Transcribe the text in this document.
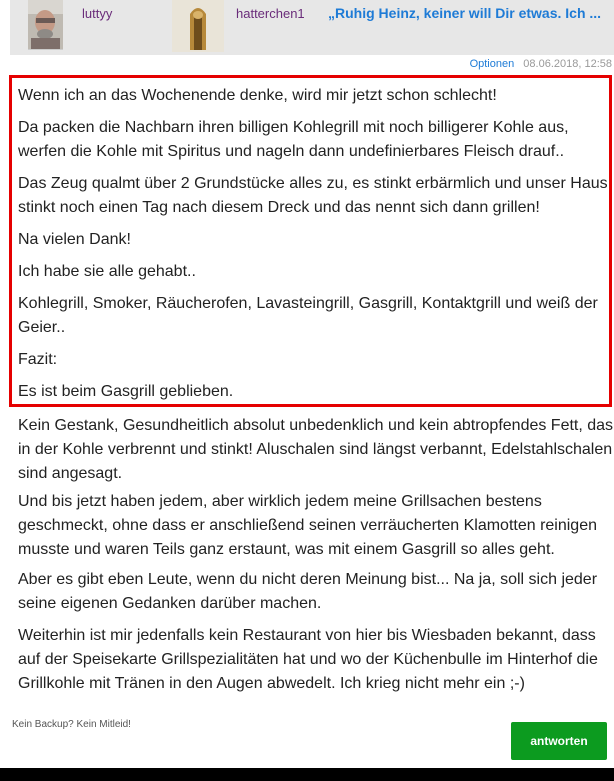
luttyy	hatterchen1 „Ruhig Heinz, keiner will Dir etwas. Ich ...
Optionen 08.06.2018, 12:58

Wenn ich an das Wochenende denke, wird mir jetzt schon schlecht!

Da packen die Nachbarn ihren billigen Kohlegrill mit noch billigerer Kohle aus, werfen die Kohle mit Spiritus und nageln dann undefinierbares Fleisch drauf..

Das Zeug qualmt über 2 Grundstücke alles zu, es stinkt erbärmlich und unser Haus stinkt noch einen Tag nach diesem Dreck und das nennt sich dann grillen!

Na vielen Dank!

Ich habe sie alle gehabt..

Kohlegrill, Smoker, Räucherofen, Lavasteingrill, Gasgrill, Kontaktgrill und weiß der Geier..

Fazit:

Es ist beim Gasgrill geblieben.

Kein Gestank, Gesundheitlich absolut unbedenklich und kein abtropfendes Fett, das in der Kohle verbrennt und stinkt! Aluschalen sind längst verbannt, Edelstahlschalen sind angesagt.

Und bis jetzt haben jedem, aber wirklich jedem meine Grillsachen bestens geschmeckt, ohne dass er anschließend seinen verräucherten Klamotten reinigen musste und waren Teils ganz erstaunt, was mit einem Gasgrill so alles geht.

Aber es gibt eben Leute, wenn du nicht deren Meinung bist... Na ja, soll sich jeder seine eigenen Gedanken darüber machen.

Weiterhin ist mir jedenfalls kein Restaurant von hier bis Wiesbaden bekannt, dass auf der Speisekarte Grillspezialitäten hat und wo der Küchenbulle im Hinterhof die Grillkohle mit Tränen in den Augen abwedelt. Ich krieg nicht mehr ein ;-)

Kein Backup? Kein Mitleid!
antworten
